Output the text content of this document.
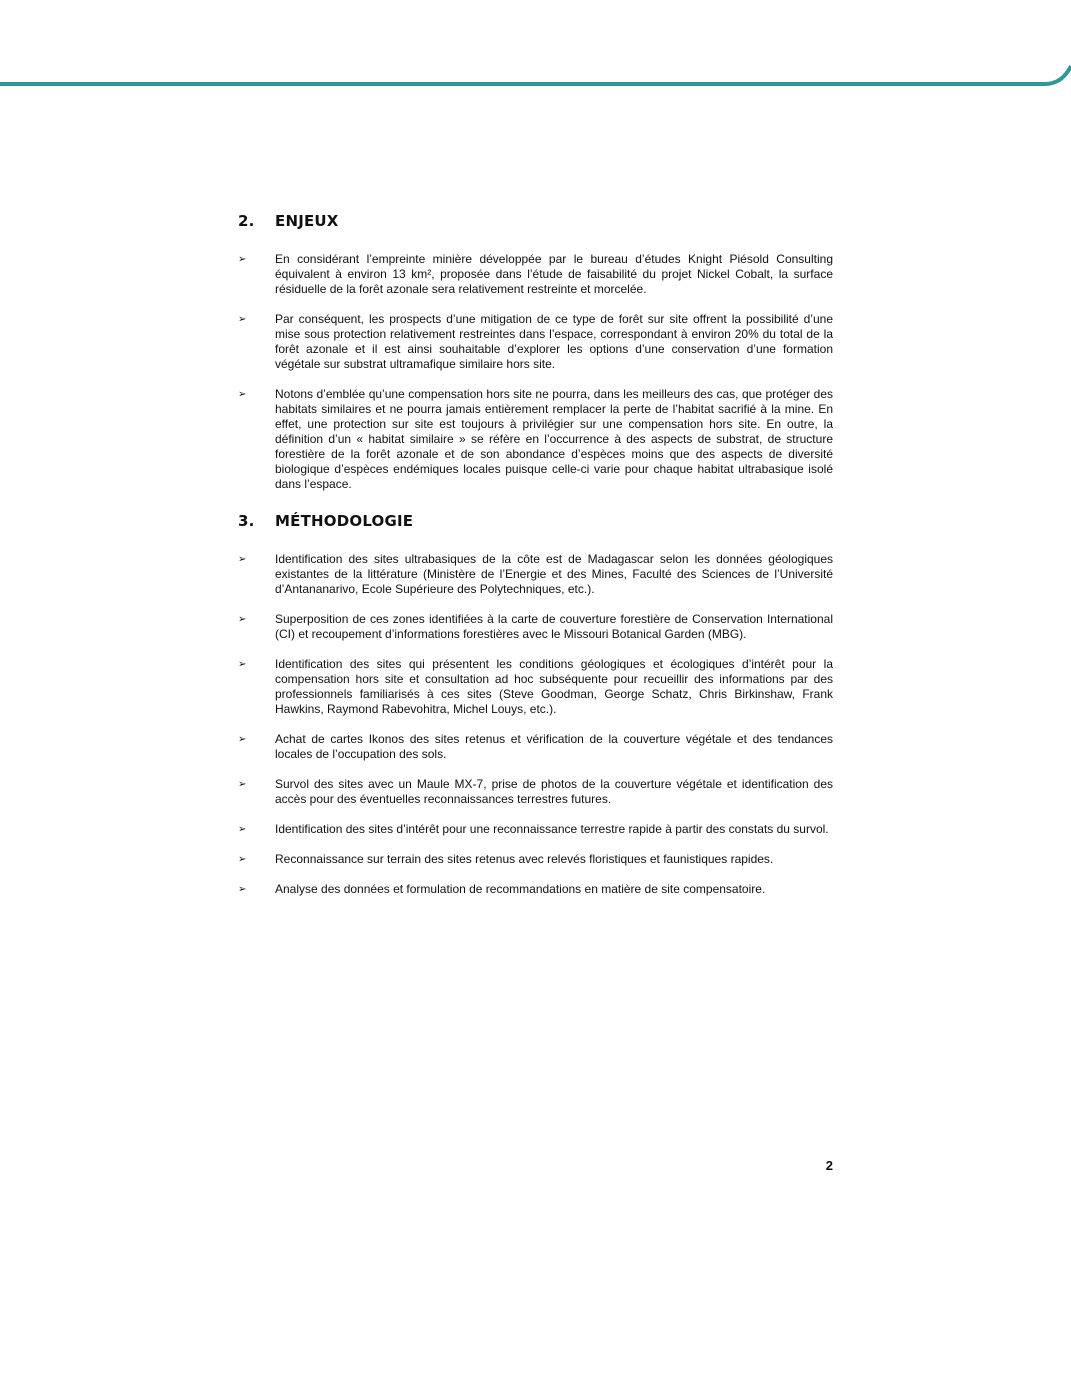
2.	ENJEUX
➢	En considérant l’empreinte minière développée par le bureau d’études Knight Piésold Consulting équivalent à environ 13 km², proposée dans l’étude de faisabilité du projet Nickel Cobalt, la surface résiduelle de la forêt azonale sera relativement restreinte et morcelée.
➢	Par conséquent, les prospects d’une mitigation de ce type de forêt sur site offrent la possibilité d’une mise sous protection relativement restreintes dans l’espace, correspondant à environ 20% du total de la forêt azonale et il est ainsi souhaitable d’explorer les options d’une conservation d’une formation végétale sur substrat ultramafique similaire hors site.
➢	Notons d’emblée qu’une compensation hors site ne pourra, dans les meilleurs des cas, que protéger des habitats similaires et ne pourra jamais entièrement remplacer la perte de l’habitat sacrifié à la mine. En effet, une protection sur site est toujours à privilégier sur une compensation hors site. En outre, la définition d’un « habitat similaire » se réfère en l’occurrence à des aspects de substrat, de structure forestière de la forêt azonale et de son abondance d’espèces moins que des aspects de diversité biologique d’espèces endémiques locales puisque celle-ci varie pour chaque habitat ultrabasique isolé dans l’espace.
3.	MÉTHODOLOGIE
➢	Identification des sites ultrabasiques de la côte est de Madagascar selon les données géologiques existantes de la littérature (Ministère de l’Energie et des Mines, Faculté des Sciences de l’Université d’Antananarivo, Ecole Supérieure des Polytechniques, etc.).
➢	Superposition de ces zones identifiées à la carte de couverture forestière de Conservation International (CI) et recoupement d’informations forestières avec le Missouri Botanical Garden (MBG).
➢	Identification des sites qui présentent les conditions géologiques et écologiques d’intérêt pour la compensation hors site et consultation ad hoc subséquente pour recueillir des informations par des professionnels familiarisés à ces sites (Steve Goodman, George Schatz, Chris Birkinshaw, Frank Hawkins, Raymond Rabevohitra, Michel Louys, etc.).
➢	Achat de cartes Ikonos des sites retenus et vérification de la couverture végétale et des tendances locales de l’occupation des sols.
➢	Survol des sites avec un Maule MX-7, prise de photos de la couverture végétale et identification des accès pour des éventuelles reconnaissances terrestres futures.
➢	Identification des sites d’intérêt pour une reconnaissance terrestre rapide à partir des constats du survol.
➢	Reconnaissance sur terrain des sites retenus avec relevés floristiques et faunistiques rapides.
➢	Analyse des données et formulation de recommandations en matière de site compensatoire.
2
